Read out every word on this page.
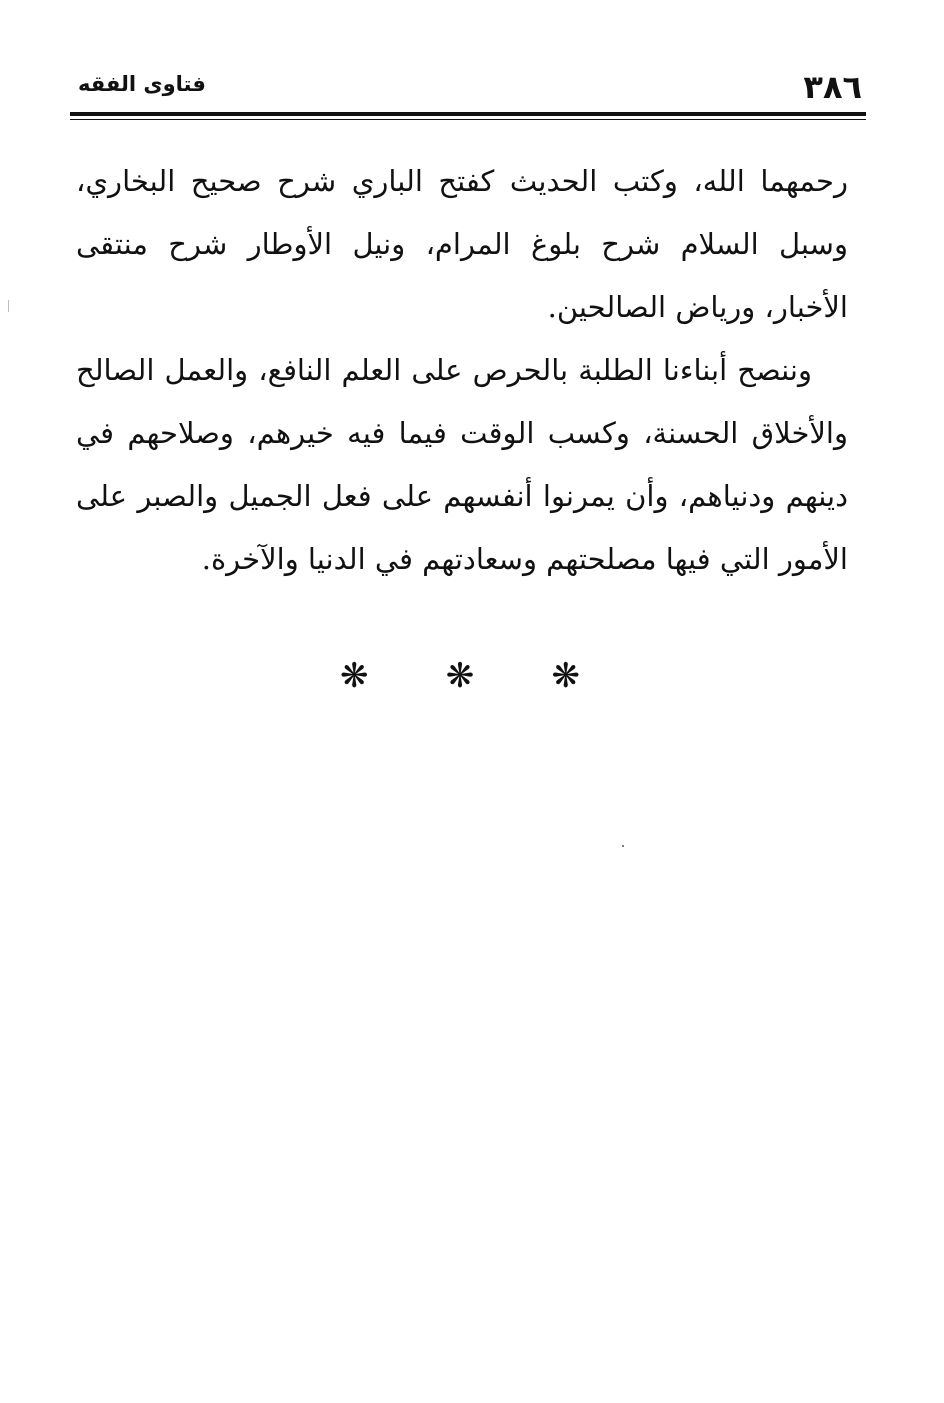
فتاوى الفقه	٣٨٦

رحمهما الله، وكتب الحديث كفتح الباري شرح صحيح البخاري، وسبل السلام شرح بلوغ المرام، ونيل الأوطار شرح منتقى الأخبار، ورياض الصالحين.

وننصح أبناءنا الطلبة بالحرص على العلم النافع، والعمل الصالح والأخلاق الحسنة، وكسب الوقت فيما فيه خيرهم، وصلاحهم في دينهم ودنياهم، وأن يمرنوا أنفسهم على فعل الجميل والصبر على الأمور التي فيها مصلحتهم وسعادتهم في الدنيا والآخرة.

❋ ❋ ❋
